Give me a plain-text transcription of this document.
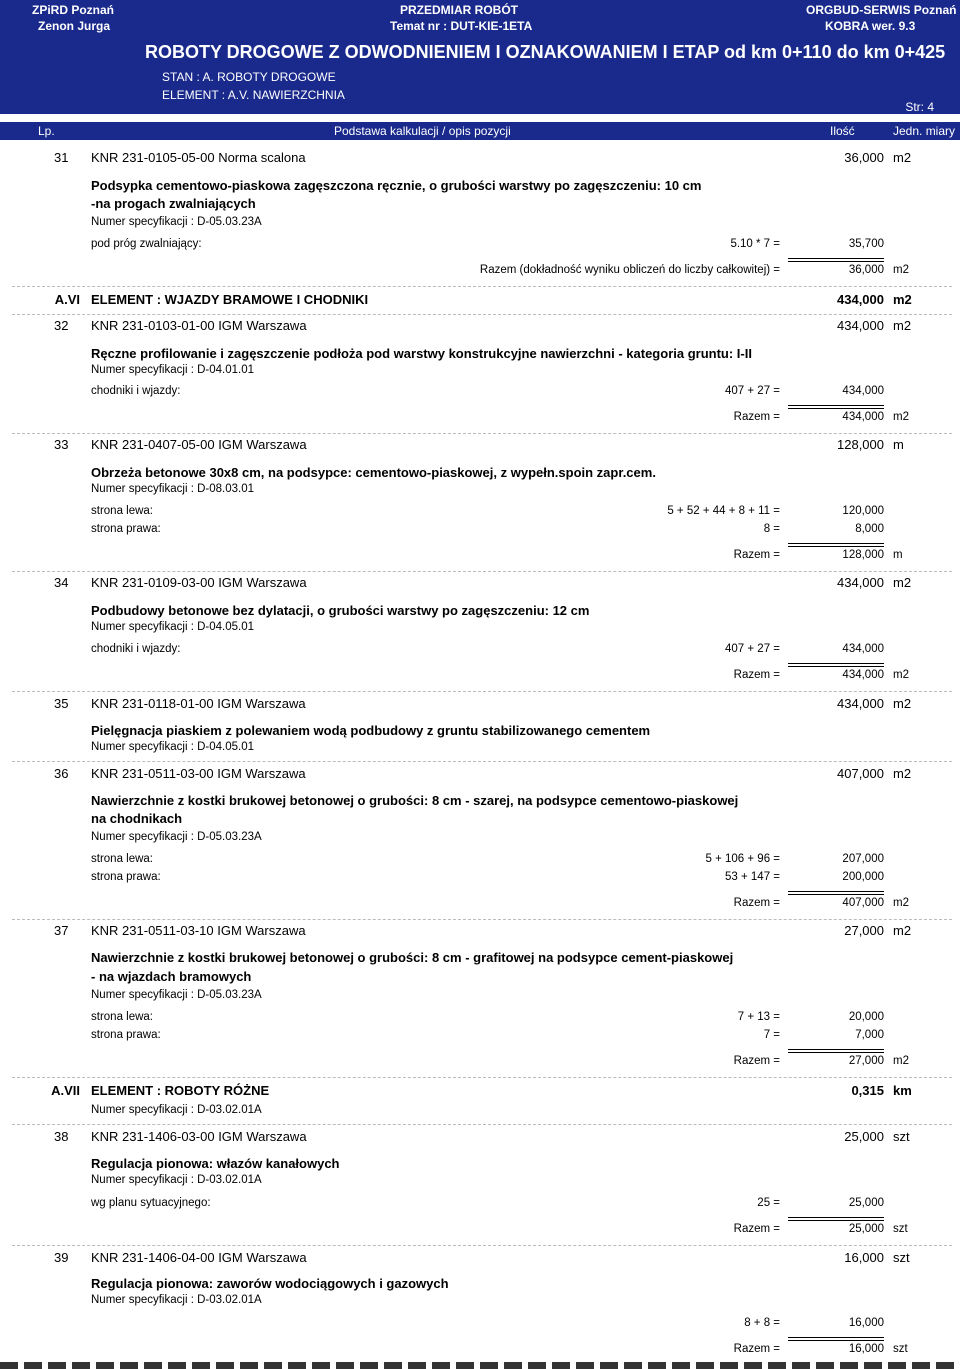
ZPiRD Poznań
Zenon Jurga
PRZEDMIAR ROBÓT
Temat nr : DUT-KIE-1ETA
ORGBUD-SERWIS Poznań
KOBRA wer. 9.3
ROBOTY DROGOWE Z ODWODNIENIEM I OZNAKOWANIEM I ETAP od km 0+110 do km 0+425
STAN : A. ROBOTY DROGOWE
ELEMENT : A.V. NAWIERZCHNIA
Str: 4
Lp.	Podstawa kalkulacji / opis pozycji	Ilość	Jedn. miary
31 KNR 231-0105-05-00 Norma scalona	36,000 m2
Podsypka cementowo-piaskowa zagęszczona ręcznie, o grubości warstwy po zagęszczeniu: 10 cm
-na progach zwalniających
Numer specyfikacji : D-05.03.23A
pod próg zwalniający:	5.10 * 7 =	35,700
Razem (dokładność wyniku obliczeń do liczby całkowitej) =	36,000 m2
A.VI ELEMENT : WJAZDY BRAMOWE I CHODNIKI	434,000 m2
32 KNR 231-0103-01-00 IGM Warszawa	434,000 m2
Ręczne profilowanie i zagęszczenie podłoża pod warstwy konstrukcyjne nawierzchni - kategoria gruntu: I-II
Numer specyfikacji : D-04.01.01
chodniki i wjazdy:	407 + 27 =	434,000
Razem =	434,000 m2
33 KNR 231-0407-05-00 IGM Warszawa	128,000 m
Obrzeża betonowe 30x8 cm, na podsypce: cementowo-piaskowej, z wypełn.spoin zapr.cem.
Numer specyfikacji : D-08.03.01
strona lewa:	5 + 52 + 44 + 8 + 11 =	120,000
strona prawa:	8 =	8,000
Razem =	128,000 m
34 KNR 231-0109-03-00 IGM Warszawa	434,000 m2
Podbudowy betonowe bez dylatacji, o grubości warstwy po zagęszczeniu: 12 cm
Numer specyfikacji : D-04.05.01
chodniki i wjazdy:	407 + 27 =	434,000
Razem =	434,000 m2
35 KNR 231-0118-01-00 IGM Warszawa	434,000 m2
Pielęgnacja piaskiem z polewaniem wodą podbudowy z gruntu stabilizowanego cementem
Numer specyfikacji : D-04.05.01
36 KNR 231-0511-03-00 IGM Warszawa	407,000 m2
Nawierzchnie z kostki brukowej betonowej o grubości: 8 cm - szarej, na podsypce cementowo-piaskowej
na chodnikach
Numer specyfikacji : D-05.03.23A
strona lewa:	5 + 106 + 96 =	207,000
strona prawa:	53 + 147 =	200,000
Razem =	407,000 m2
37 KNR 231-0511-03-10 IGM Warszawa	27,000 m2
Nawierzchnie z kostki brukowej betonowej o grubości: 8 cm - grafitowej na podsypce cement-piaskowej
- na wjazdach bramowych
Numer specyfikacji : D-05.03.23A
strona lewa:	7 + 13 =	20,000
strona prawa:	7 =	7,000
Razem =	27,000 m2
A.VII ELEMENT : ROBOTY RÓŻNE	0,315 km
Numer specyfikacji : D-03.02.01A
38 KNR 231-1406-03-00 IGM Warszawa	25,000 szt
Regulacja pionowa: włazów kanałowych
Numer specyfikacji : D-03.02.01A
wg planu sytuacyjnego:	25 =	25,000
Razem =	25,000 szt
39 KNR 231-1406-04-00 IGM Warszawa	16,000 szt
Regulacja pionowa: zaworów wodociągowych i gazowych
Numer specyfikacji : D-03.02.01A
8 + 8 =	16,000
Razem =	16,000 szt
